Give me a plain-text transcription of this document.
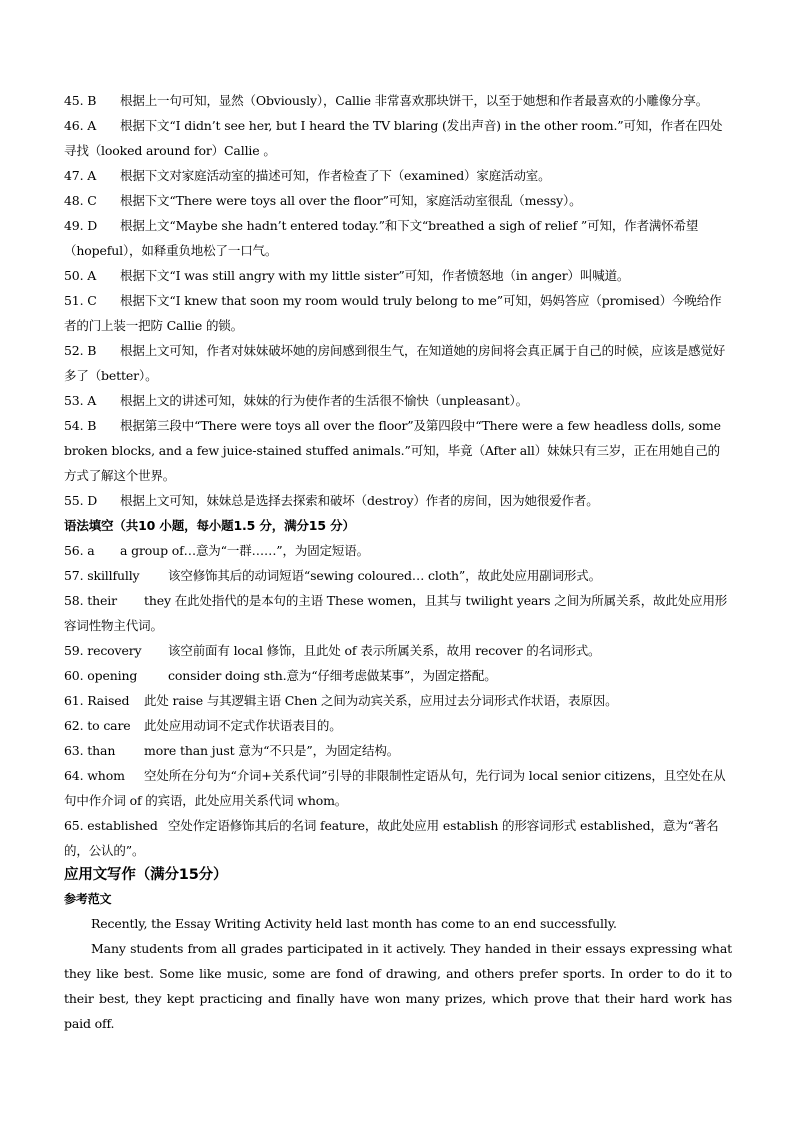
45. B 根据上一句可知，显然（Obviously），Callie 非常喜欢那块饼干，以至于她想和作者最喜欢的小雕像分享。

46. A 根据下文“I didn’t see her, but I heard the TV blaring (发出声音) in the other room.”可知，作者在四处寻找（looked around for）Callie 。

47. A 根据下文对家庭活动室的描述可知，作者检查了下（examined）家庭活动室。

48. C 根据下文“There were toys all over the floor”可知，家庭活动室很乱（messy）。

49. D 根据上文“Maybe she hadn’t entered today.”和下文“breathed a sigh of relief ”可知，作者满怀希望（hopeful），如释重负地松了一口气。

50. A 根据下文“I was still angry with my little sister”可知，作者愤怒地（in anger）叫喊道。

51. C 根据下文“I knew that soon my room would truly belong to me”可知，妈妈答应（promised）今晚给作者的门上装一把防 Callie 的锁。

52. B 根据上文可知，作者对妹妹破坏她的房间感到很生气，在知道她的房间将会真正属于自己的时候，应该是感觉好多了（better）。

53. A 根据上文的讲述可知，妹妹的行为使作者的生活很不愉快（unpleasant）。

54. B 根据第三段中“There were toys all over the floor”及第四段中“There were a few headless dolls, some broken blocks, and a few juice-stained stuffed animals.”可知，毕竟（After all）妹妹只有三岁，正在用她自己的方式了解这个世界。

55. D 根据上文可知，妹妹总是选择去探索和破坏（destroy）作者的房间，因为她很爱作者。

语法填空（共10 小题，每小题1.5 分，满分15 分）

56. a a group of…意为“一群……”，为固定短语。

57. skillfully 该空修饰其后的动词短语“sewing coloured… cloth”，故此处应用副词形式。

58. their they 在此处指代的是本句的主语 These women，且其与 twilight years 之间为所属关系，故此处应用形容词性物主代词。

59. recovery 该空前面有 local 修饰，且此处 of 表示所属关系，故用 recover 的名词形式。

60. opening consider doing sth.意为“仔细考虑做某事”，为固定搭配。

61. Raised 此处 raise 与其逻辑主语 Chen 之间为动宾关系，应用过去分词形式作状语，表原因。

62. to care 此处应用动词不定式作状语表目的。

63. than more than just 意为“不只是”，为固定结构。

64. whom 空处所在分句为“介词+关系代词”引导的非限制性定语从句，先行词为 local senior citizens，且空处在从句中作介词 of 的宾语，此处应用关系代词 whom。

65. established 空处作定语修饰其后的名词 feature，故此处应用 establish 的形容词形式 established，意为“著名的，公认的”。

应用文写作（满分15分）

参考范文

Recently, the Essay Writing Activity held last month has come to an end successfully.

Many students from all grades participated in it actively. They handed in their essays expressing what they like best. Some like music, some are fond of drawing, and others prefer sports. In order to do it to their best, they kept practicing and finally have won many prizes, which prove that their hard work has paid off.
